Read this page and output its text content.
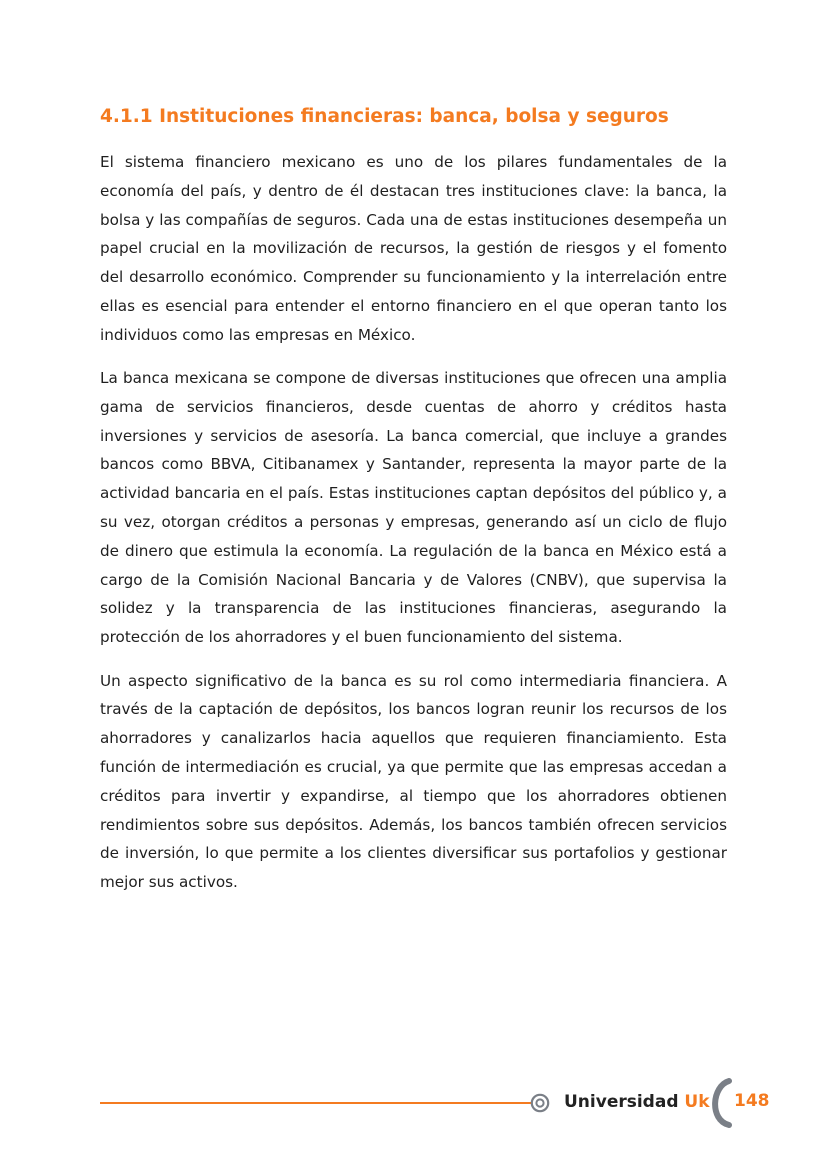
4.1.1 Instituciones financieras: banca, bolsa y seguros

El sistema financiero mexicano es uno de los pilares fundamentales de la economía del país, y dentro de él destacan tres instituciones clave: la banca, la bolsa y las compañías de seguros. Cada una de estas instituciones desempeña un papel crucial en la movilización de recursos, la gestión de riesgos y el fomento del desarrollo económico. Comprender su funcionamiento y la interrelación entre ellas es esencial para entender el entorno financiero en el que operan tanto los individuos como las empresas en México.

La banca mexicana se compone de diversas instituciones que ofrecen una amplia gama de servicios financieros, desde cuentas de ahorro y créditos hasta inversiones y servicios de asesoría. La banca comercial, que incluye a grandes bancos como BBVA, Citibanamex y Santander, representa la mayor parte de la actividad bancaria en el país. Estas instituciones captan depósitos del público y, a su vez, otorgan créditos a personas y empresas, generando así un ciclo de flujo de dinero que estimula la economía. La regulación de la banca en México está a cargo de la Comisión Nacional Bancaria y de Valores (CNBV), que supervisa la solidez y la transparencia de las instituciones financieras, asegurando la protección de los ahorradores y el buen funcionamiento del sistema.

Un aspecto significativo de la banca es su rol como intermediaria financiera. A través de la captación de depósitos, los bancos logran reunir los recursos de los ahorradores y canalizarlos hacia aquellos que requieren financiamiento. Esta función de intermediación es crucial, ya que permite que las empresas accedan a créditos para invertir y expandirse, al tiempo que los ahorradores obtienen rendimientos sobre sus depósitos. Además, los bancos también ofrecen servicios de inversión, lo que permite a los clientes diversificar sus portafolios y gestionar mejor sus activos.

Universidad Uk 148
